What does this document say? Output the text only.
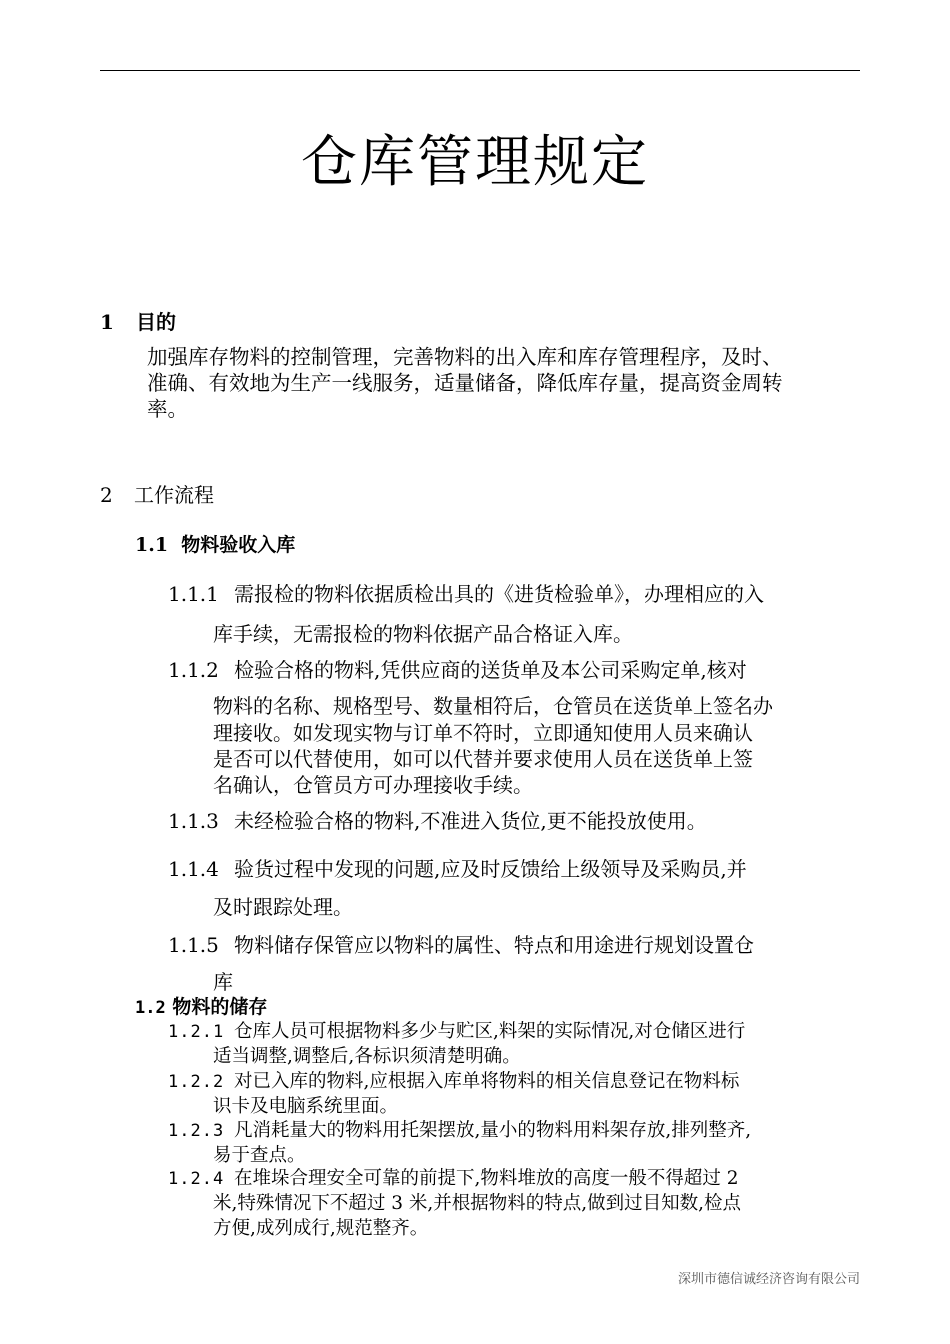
仓库管理规定
1 目的
加强库存物料的控制管理，完善物料的出入库和库存管理程序，及时、
准确、有效地为生产一线服务，适量储备，降低库存量，提高资金周转
率。
2 工作流程
1.1 物料验收入库
1.1.1 需报检的物料依据质检出具的《进货检验单》，办理相应的入
库手续，无需报检的物料依据产品合格证入库。
1.1.2 检验合格的物料,凭供应商的送货单及本公司采购定单,核对
物料的名称、规格型号、数量相符后，仓管员在送货单上签名办
理接收。如发现实物与订单不符时，立即通知使用人员来确认
是否可以代替使用，如可以代替并要求使用人员在送货单上签
名确认，仓管员方可办理接收手续。
1.1.3 未经检验合格的物料,不准进入货位,更不能投放使用。
1.1.4 验货过程中发现的问题,应及时反馈给上级领导及采购员,并
及时跟踪处理。
1.1.5 物料储存保管应以物料的属性、特点和用途进行规划设置仓
库
1.2 物料的储存
1.2.1 仓库人员可根据物料多少与贮区,料架的实际情况,对仓储区进行
适当调整,调整后,各标识须清楚明确。
1.2.2 对已入库的物料,应根据入库单将物料的相关信息登记在物料标
识卡及电脑系统里面。
1.2.3 凡消耗量大的物料用托架摆放,量小的物料用料架存放,排列整齐,
易于查点。
1.2.4 在堆垛合理安全可靠的前提下,物料堆放的高度一般不得超过 2
米,特殊情况下不超过 3 米,并根据物料的特点,做到过目知数,检点
方便,成列成行,规范整齐。
深圳市德信诚经济咨询有限公司
